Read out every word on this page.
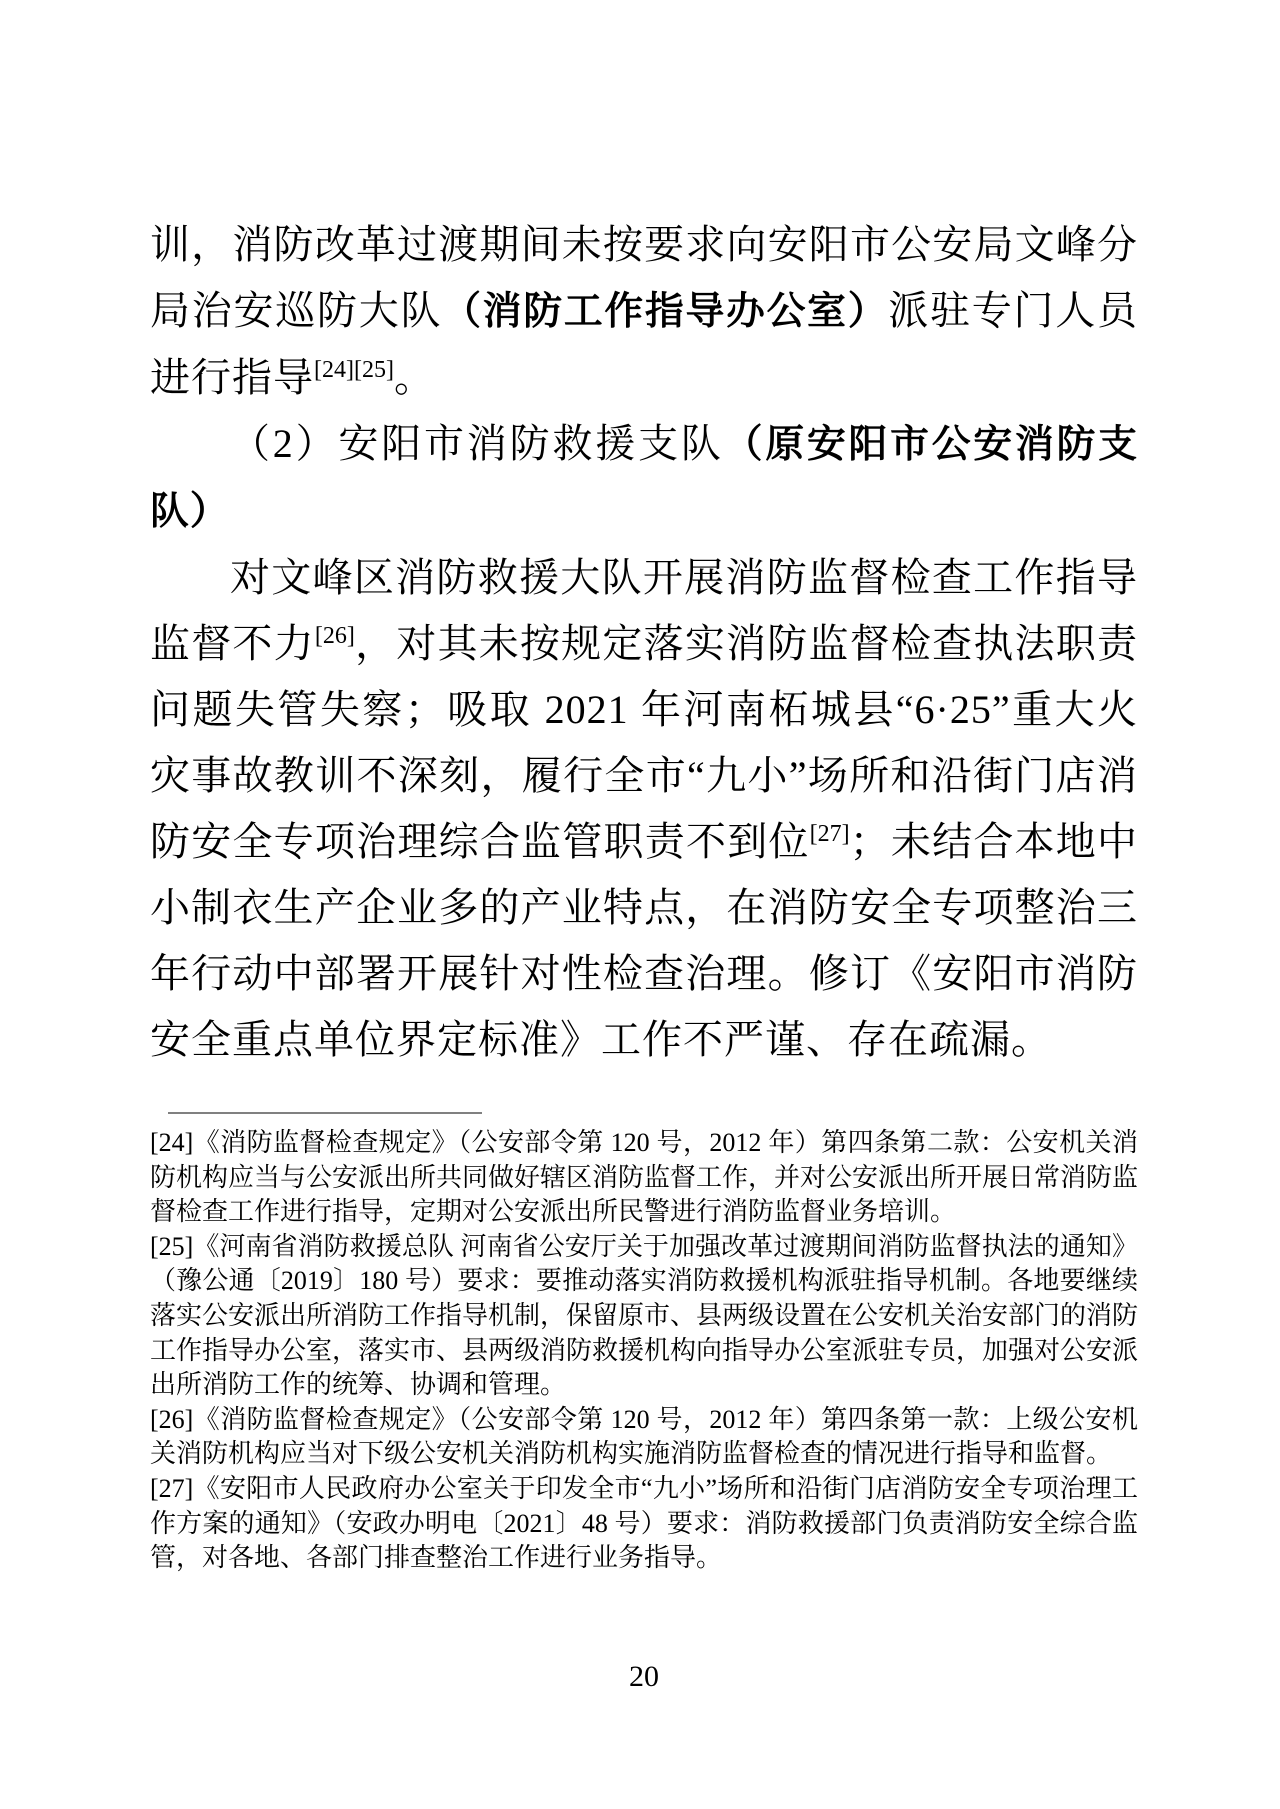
训，消防改革过渡期间未按要求向安阳市公安局文峰分局治安巡防大队（消防工作指导办公室）派驻专门人员进行指导[24][25]。

（2）安阳市消防救援支队（原安阳市公安消防支队）

对文峰区消防救援大队开展消防监督检查工作指导监督不力[26]，对其未按规定落实消防监督检查执法职责问题失管失察；吸取 2021 年河南柘城县“6·25”重大火灾事故教训不深刻，履行全市“九小”场所和沿街门店消防安全专项治理综合监管职责不到位[27]；未结合本地中小制衣生产企业多的产业特点，在消防安全专项整治三年行动中部署开展针对性检查治理。修订《安阳市消防安全重点单位界定标准》工作不严谨、存在疏漏。

[24]《消防监督检查规定》（公安部令第 120 号，2012 年）第四条第二款：公安机关消防机构应当与公安派出所共同做好辖区消防监督工作，并对公安派出所开展日常消防监督检查工作进行指导，定期对公安派出所民警进行消防监督业务培训。

[25]《河南省消防救援总队 河南省公安厅关于加强改革过渡期间消防监督执法的通知》（豫公通〔2019〕180 号）要求：要推动落实消防救援机构派驻指导机制。各地要继续落实公安派出所消防工作指导机制，保留原市、县两级设置在公安机关治安部门的消防工作指导办公室，落实市、县两级消防救援机构向指导办公室派驻专员，加强对公安派出所消防工作的统筹、协调和管理。

[26]《消防监督检查规定》（公安部令第 120 号，2012 年）第四条第一款：上级公安机关消防机构应当对下级公安机关消防机构实施消防监督检查的情况进行指导和监督。

[27]《安阳市人民政府办公室关于印发全市“九小”场所和沿街门店消防安全专项治理工作方案的通知》（安政办明电〔2021〕48 号）要求：消防救援部门负责消防安全综合监管，对各地、各部门排查整治工作进行业务指导。

20
